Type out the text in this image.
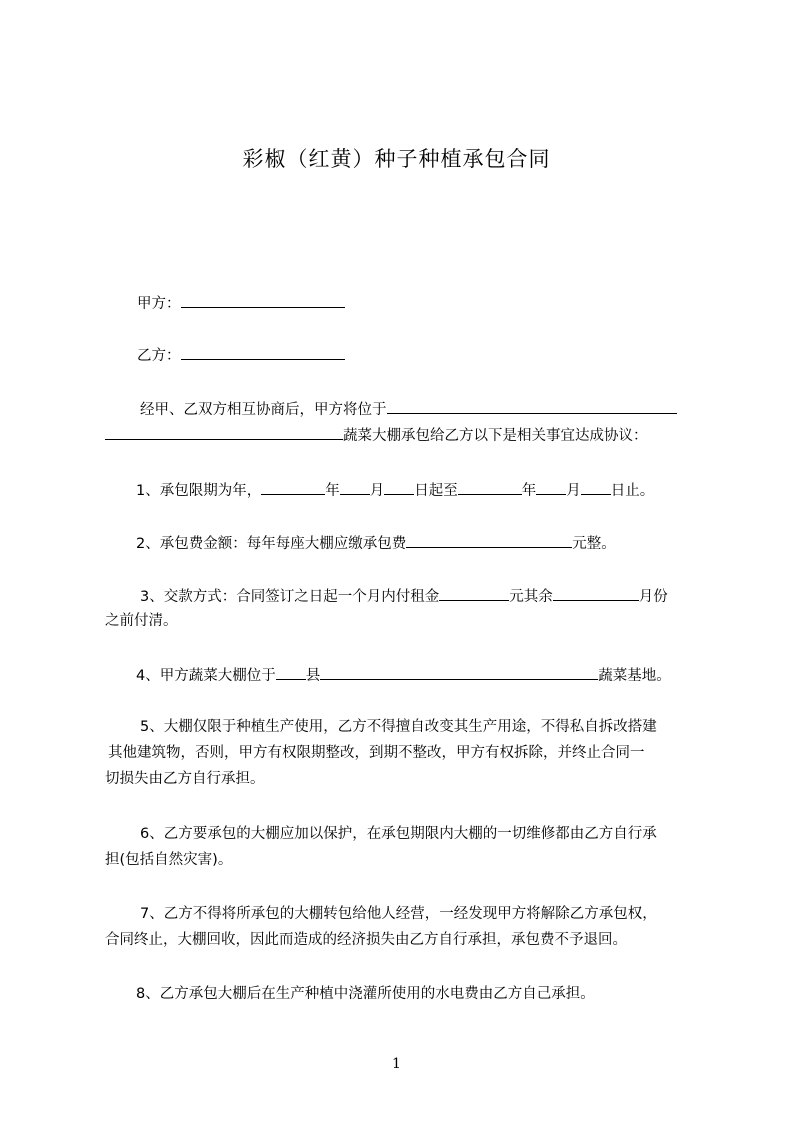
彩椒（红黄）种子种植承包合同
甲方：
乙方：
经甲、乙双方相互协商后，甲方将位于
蔬菜大棚承包给乙方以下是相关事宜达成协议：
1、承包限期为年，	年 月 日起至	年 月 日止。
2、承包费金额：每年每座大棚应缴承包费	元整。
3、交款方式：合同签订之日起一个月内付租金	元其余	月份
之前付清。
4、甲方蔬菜大棚位于 县	蔬菜基地。
5、大棚仅限于种植生产使用，乙方不得擅自改变其生产用途，不得私自拆改搭建
其他建筑物，否则，甲方有权限期整改，到期不整改，甲方有权拆除，并终止合同一
切损失由乙方自行承担。
6、乙方要承包的大棚应加以保护，在承包期限内大棚的一切维修都由乙方自行承
担(包括自然灾害)。
7、乙方不得将所承包的大棚转包给他人经营，一经发现甲方将解除乙方承包权，
合同终止，大棚回收，因此而造成的经济损失由乙方自行承担，承包费不予退回。
8、乙方承包大棚后在生产种植中浇灌所使用的水电费由乙方自己承担。
1
